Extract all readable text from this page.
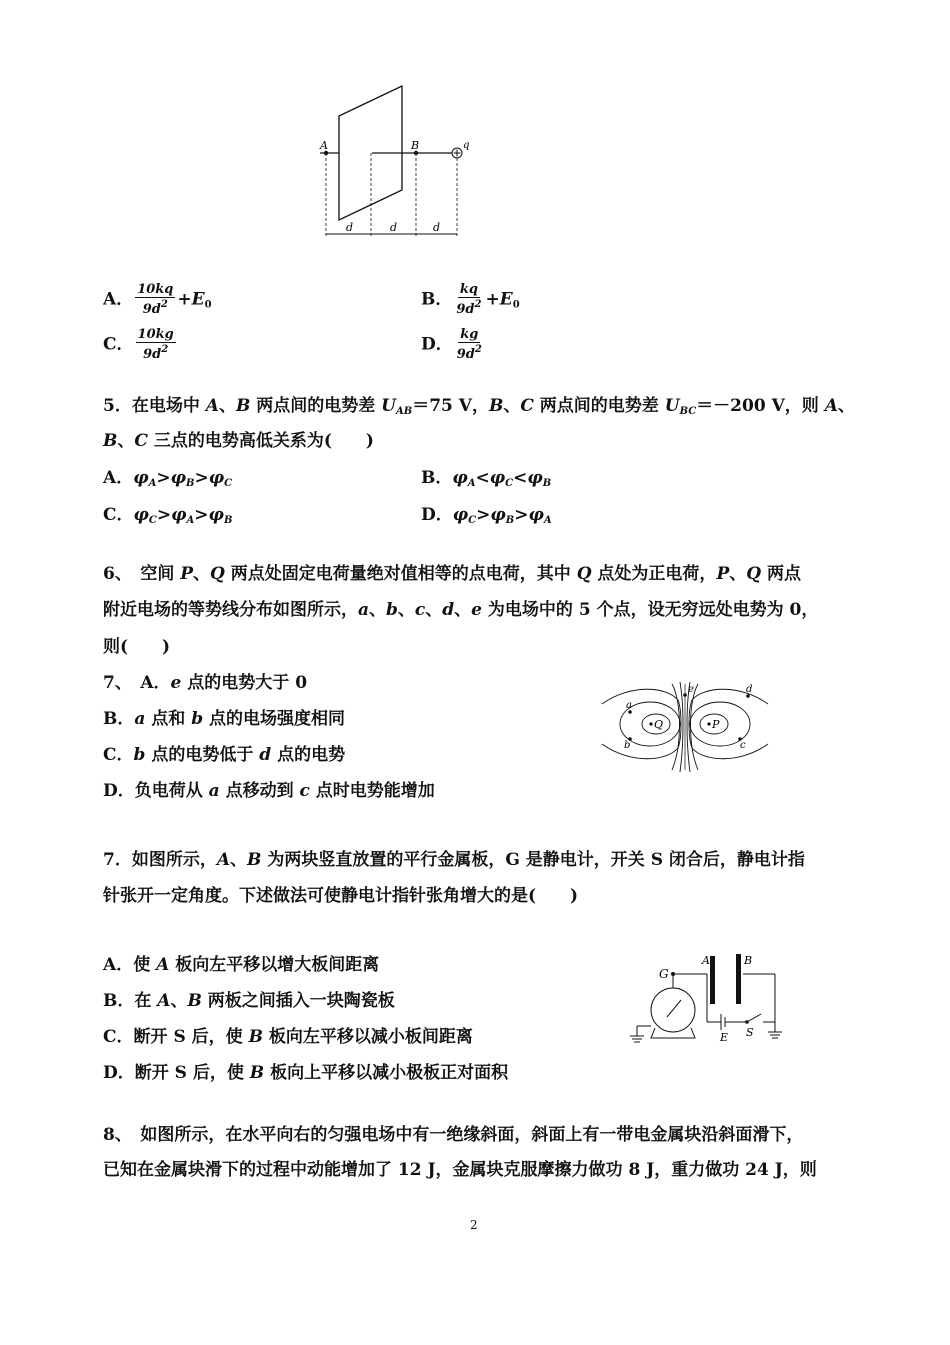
A	B	q
d	d	d
A． $\frac{10kq}{9d^2} +E_0$	B． $\frac{kq}{9d^2} +E_0$
C． $\frac{10kg}{9d^2}$	D． $\frac{kg}{9d^2}$
5．在电场中 A、B 两点间的电势差 $U_{AB}=75$ V，B、C 两点间的电势差 $U_{BC}=-200$ V，则 A、
B、C 三点的电势高低关系为(　　)
A．$\varphi_A>\varphi_B>\varphi_C$	B．$\varphi_A<\varphi_C<\varphi_B$
C．$\varphi_C>\varphi_A>\varphi_B$	D．$\varphi_C>\varphi_B>\varphi_A$
6、　空间 P、Q 两点处固定电荷量绝对值相等的点电荷，其中 Q 点处为正电荷，P、Q 两点
附近电场的等势线分布如图所示，a、b、c、d、e 为电场中的 5 个点，设无穷远处电势为 0，
则(　　)
7、　A．e 点的电势大于 0
B．a 点和 b 点的电场强度相同
C．b 点的电势低于 d 点的电势
D．负电荷从 a 点移动到 c 点时电势能增加
e	d
a
Q	P
b	c
7．如图所示，A、B 为两块竖直放置的平行金属板，G 是静电计，开关 S 闭合后，静电计指
针张开一定角度。下述做法可使静电计指针张角增大的是(　　)
A．使 A 板向左平移以增大板间距离
B．在 A、B 两板之间插入一块陶瓷板
C．断开 S 后，使 B 板向左平移以减小板间距离
D．断开 S 后，使 B 板向上平移以减小极板正对面积
G
A	B
E S
8、　如图所示，在水平向右的匀强电场中有一绝缘斜面，斜面上有一带电金属块沿斜面滑下，
已知在金属块滑下的过程中动能增加了 12 J，金属块克服摩擦力做功 8 J，重力做功 24 J，则
2
